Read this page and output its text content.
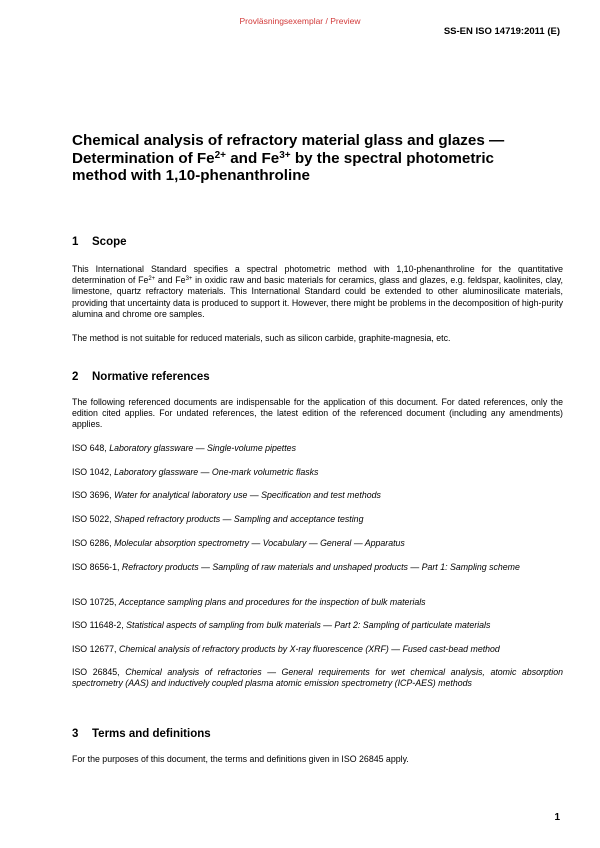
Provläsningsexemplar / Preview
SS-EN ISO 14719:2011 (E)
Chemical analysis of refractory material glass and glazes —
Determination of $Fe^{2+}$ and $Fe^{3+}$ by the spectral photometric
method with 1,10-phenanthroline
1 Scope

This International Standard specifies a spectral photometric method with 1,10-phenanthroline for the quantitative determination of $Fe^{2+}$ and $Fe^{3+}$ in oxidic raw and basic materials for ceramics, glass and glazes, e.g. feldspar, kaolinites, clay, limestone, quartz refractory materials. This International Standard could be extended to other aluminosilicate materials, providing that uncertainty data is produced to support it. However, there might be problems in the decomposition of high-purity alumina and chrome ore samples.

The method is not suitable for reduced materials, such as silicon carbide, graphite-magnesia, etc.

2 Normative references

The following referenced documents are indispensable for the application of this document. For dated references, only the edition cited applies. For undated references, the latest edition of the referenced document (including any amendments) applies.

ISO 648, Laboratory glassware — Single-volume pipettes
ISO 1042, Laboratory glassware — One-mark volumetric flasks
ISO 3696, Water for analytical laboratory use — Specification and test methods
ISO 5022, Shaped refractory products — Sampling and acceptance testing
ISO 6286, Molecular absorption spectrometry — Vocabulary — General — Apparatus
ISO 8656-1, Refractory products — Sampling of raw materials and unshaped products — Part 1: Sampling scheme
ISO 10725, Acceptance sampling plans and procedures for the inspection of bulk materials
ISO 11648-2, Statistical aspects of sampling from bulk materials — Part 2: Sampling of particulate materials
ISO 12677, Chemical analysis of refractory products by X-ray fluorescence (XRF) — Fused cast-bead method
ISO 26845, Chemical analysis of refractories — General requirements for wet chemical analysis, atomic absorption spectrometry (AAS) and inductively coupled plasma atomic emission spectrometry (ICP-AES) methods
3 Terms and definitions

For the purposes of this document, the terms and definitions given in ISO 26845 apply.

1
